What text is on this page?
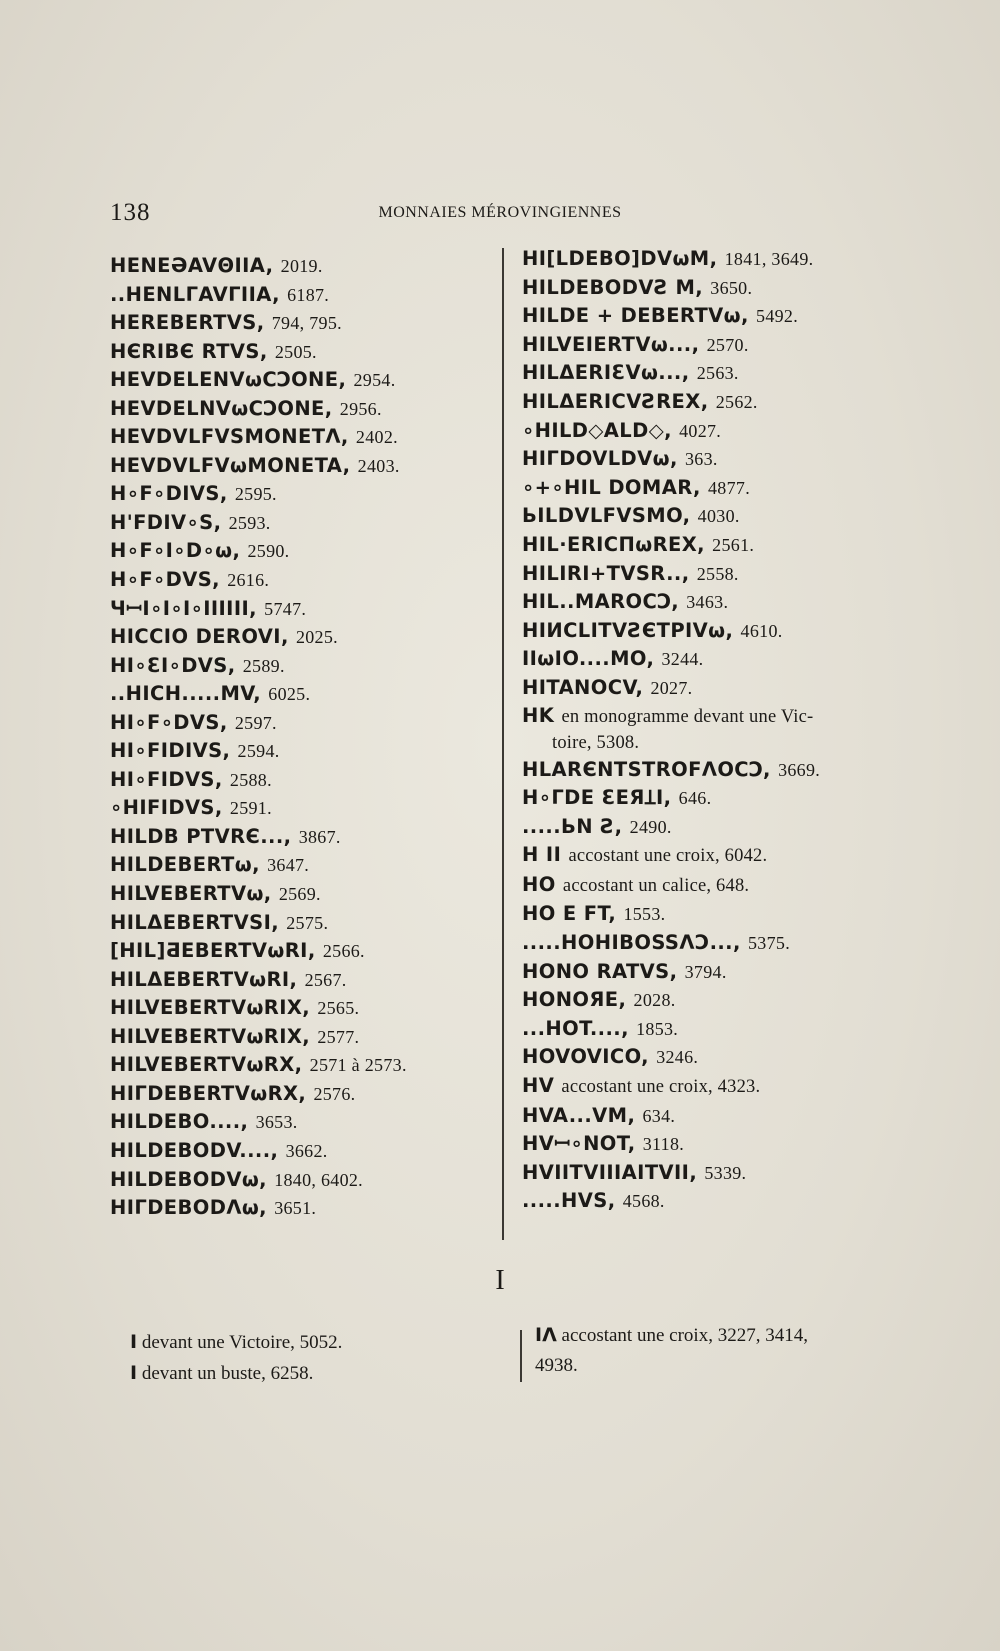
138	MONNAIES MÉROVINGIENNES
HENEƏAVΘIIA, 2019.
..HENLΓAVΓIIA, 6187.
HEREBERTVS, 794, 795.
HЄRIBЄ RTVS, 2505.
HEVDELENVωϹϽONE, 2954.
HEVDELNVωϹϽONE, 2956.
HEVDVLFVSMONETΛ, 2402.
HEVDVLFVωMONETA, 2403.
H∘F∘DIVS, 2595.
H'FDIV∘S, 2593.
H∘F∘I∘D∘ω, 2590.
H∘F∘DVS, 2616.
ЧꟷI∘I∘I∘IIIIII, 5747.
HICCIO DEROVI, 2025.
HI∘ƐI∘DVS, 2589.
..HICH.....MV, 6025.
HI∘F∘DVS, 2597.
HI∘FIDIVS, 2594.
HI∘FIDVS, 2588.
∘HIFIDVS, 2591.
HILDB PTVRЄ..., 3867.
HILDEBERTω, 3647.
HILVEBERTVω, 2569.
HILΔEBERTVSI, 2575.
[HIL]ƋEBERTVωRI, 2566.
HILΔEBERTVωRI, 2567.
HILVEBERTVωRIX, 2565.
HILVEBERTVωRIX, 2577.
HILVEBERTVωRX, 2571 à 2573.
HIΓDEBERTVωRX, 2576.
HILDEBO...., 3653.
HILDEBODV...., 3662.
HILDEBODVω, 1840, 6402.
HIΓDEBODΛω, 3651.
HI[LDEBO]DVωM, 1841, 3649.
HILDEBODVƧ M, 3650.
HILDE + DEBERTVω, 5492.
HILVEIERTVω..., 2570.
HILΔERIƐVω..., 2563.
HILΔERICVƧREX, 2562.
∘HILD◇ALD◇, 4027.
HIΓDOVLDVω, 363.
∘+∘HIL DOMAR, 4877.
ЬILDVLFVSMO, 4030.
HIL·ERICПωREX, 2561.
HILIRI+TVSR.., 2558.
HIL..MAROϹϽ, 3463.
HIИCLITVƧЄTPIVω, 4610.
IIωIO....MO, 3244.
HITANOCV, 2027.
HK en monogramme devant une Vic-
toire, 5308.
HLARЄNTSTROFΛOϹϽ, 3669.
H∘ΓDE ƐEЯꞱI, 646.
.....ЬN Ƨ, 2490.
H II accostant une croix, 6042.
HO accostant un calice, 648.
HO E FT, 1553.
.....HOHIBOSSΛƆ..., 5375.
HONO RATVS, 3794.
HONOЯE, 2028.
...HOT...., 1853.
HOVOVICO, 3246.
HV accostant une croix, 4323.
HVA...VM, 634.
HVꟷ∘NOT, 3118.
HVIITVIIIAITVII, 5339.
.....HVS, 4568.
I
I devant une Victoire, 5052.
I devant un buste, 6258.
IΛ accostant une croix, 3227, 3414,
4938.
